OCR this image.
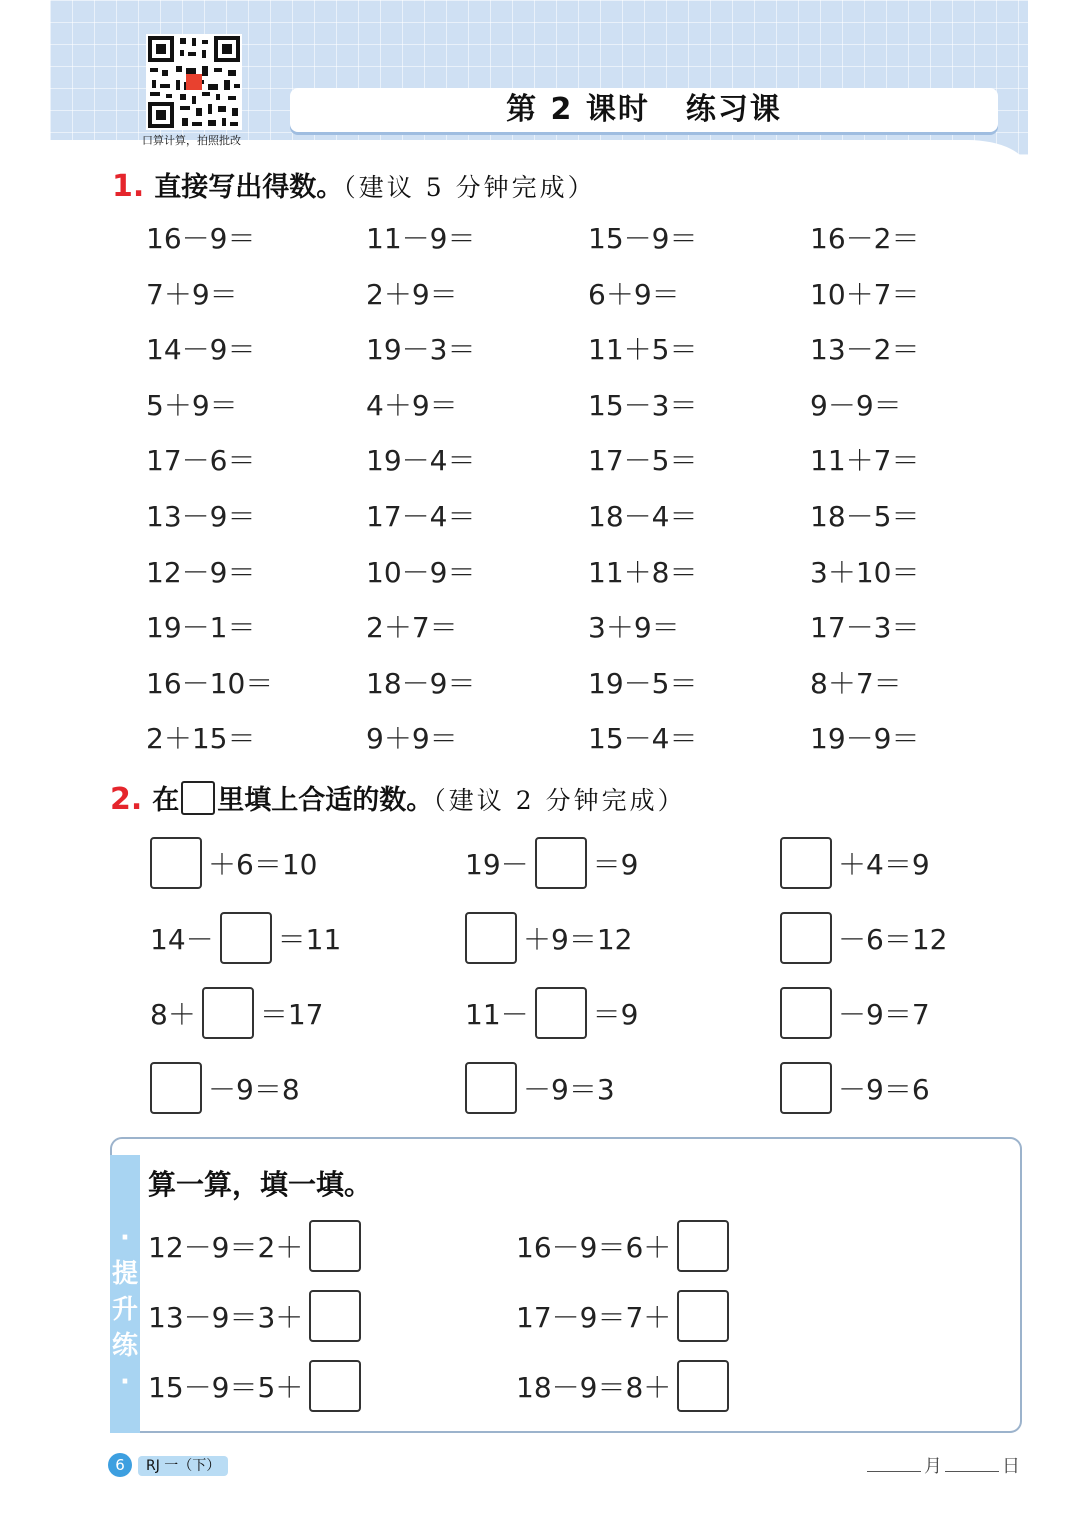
口算计算，拍照批改
第 2 课时 练习课
1. 直接写出得数。（建议 5 分钟完成）
16－9＝	11－9＝	15－9＝	16－2＝
7＋9＝	2＋9＝	6＋9＝	10＋7＝
14－9＝	19－3＝	11＋5＝	13－2＝
5＋9＝	4＋9＝	15－3＝	9－9＝
17－6＝	19－4＝	17－5＝	11＋7＝
13－9＝	17－4＝	18－4＝	18－5＝
12－9＝	10－9＝	11＋8＝	3＋10＝
19－1＝	2＋7＝	3＋9＝	17－3＝
16－10＝	18－9＝	19－5＝	8＋7＝
2＋15＝	9＋9＝	15－4＝	19－9＝
2. 在 里填上合适的数。（建议 2 分钟完成）
＋6＝10	19－ ＝9	＋4＝9
14－ ＝11	＋9＝12	－6＝12
8＋ ＝17	11－ ＝9	－9＝7
－9＝8	－9＝3	－9＝6
·
提
升
练
·
算一算，填一填。
12－9＝2＋	16－9＝6＋
13－9＝3＋	17－9＝7＋
15－9＝5＋	18－9＝8＋
6	RJ 一（下）	月	日
